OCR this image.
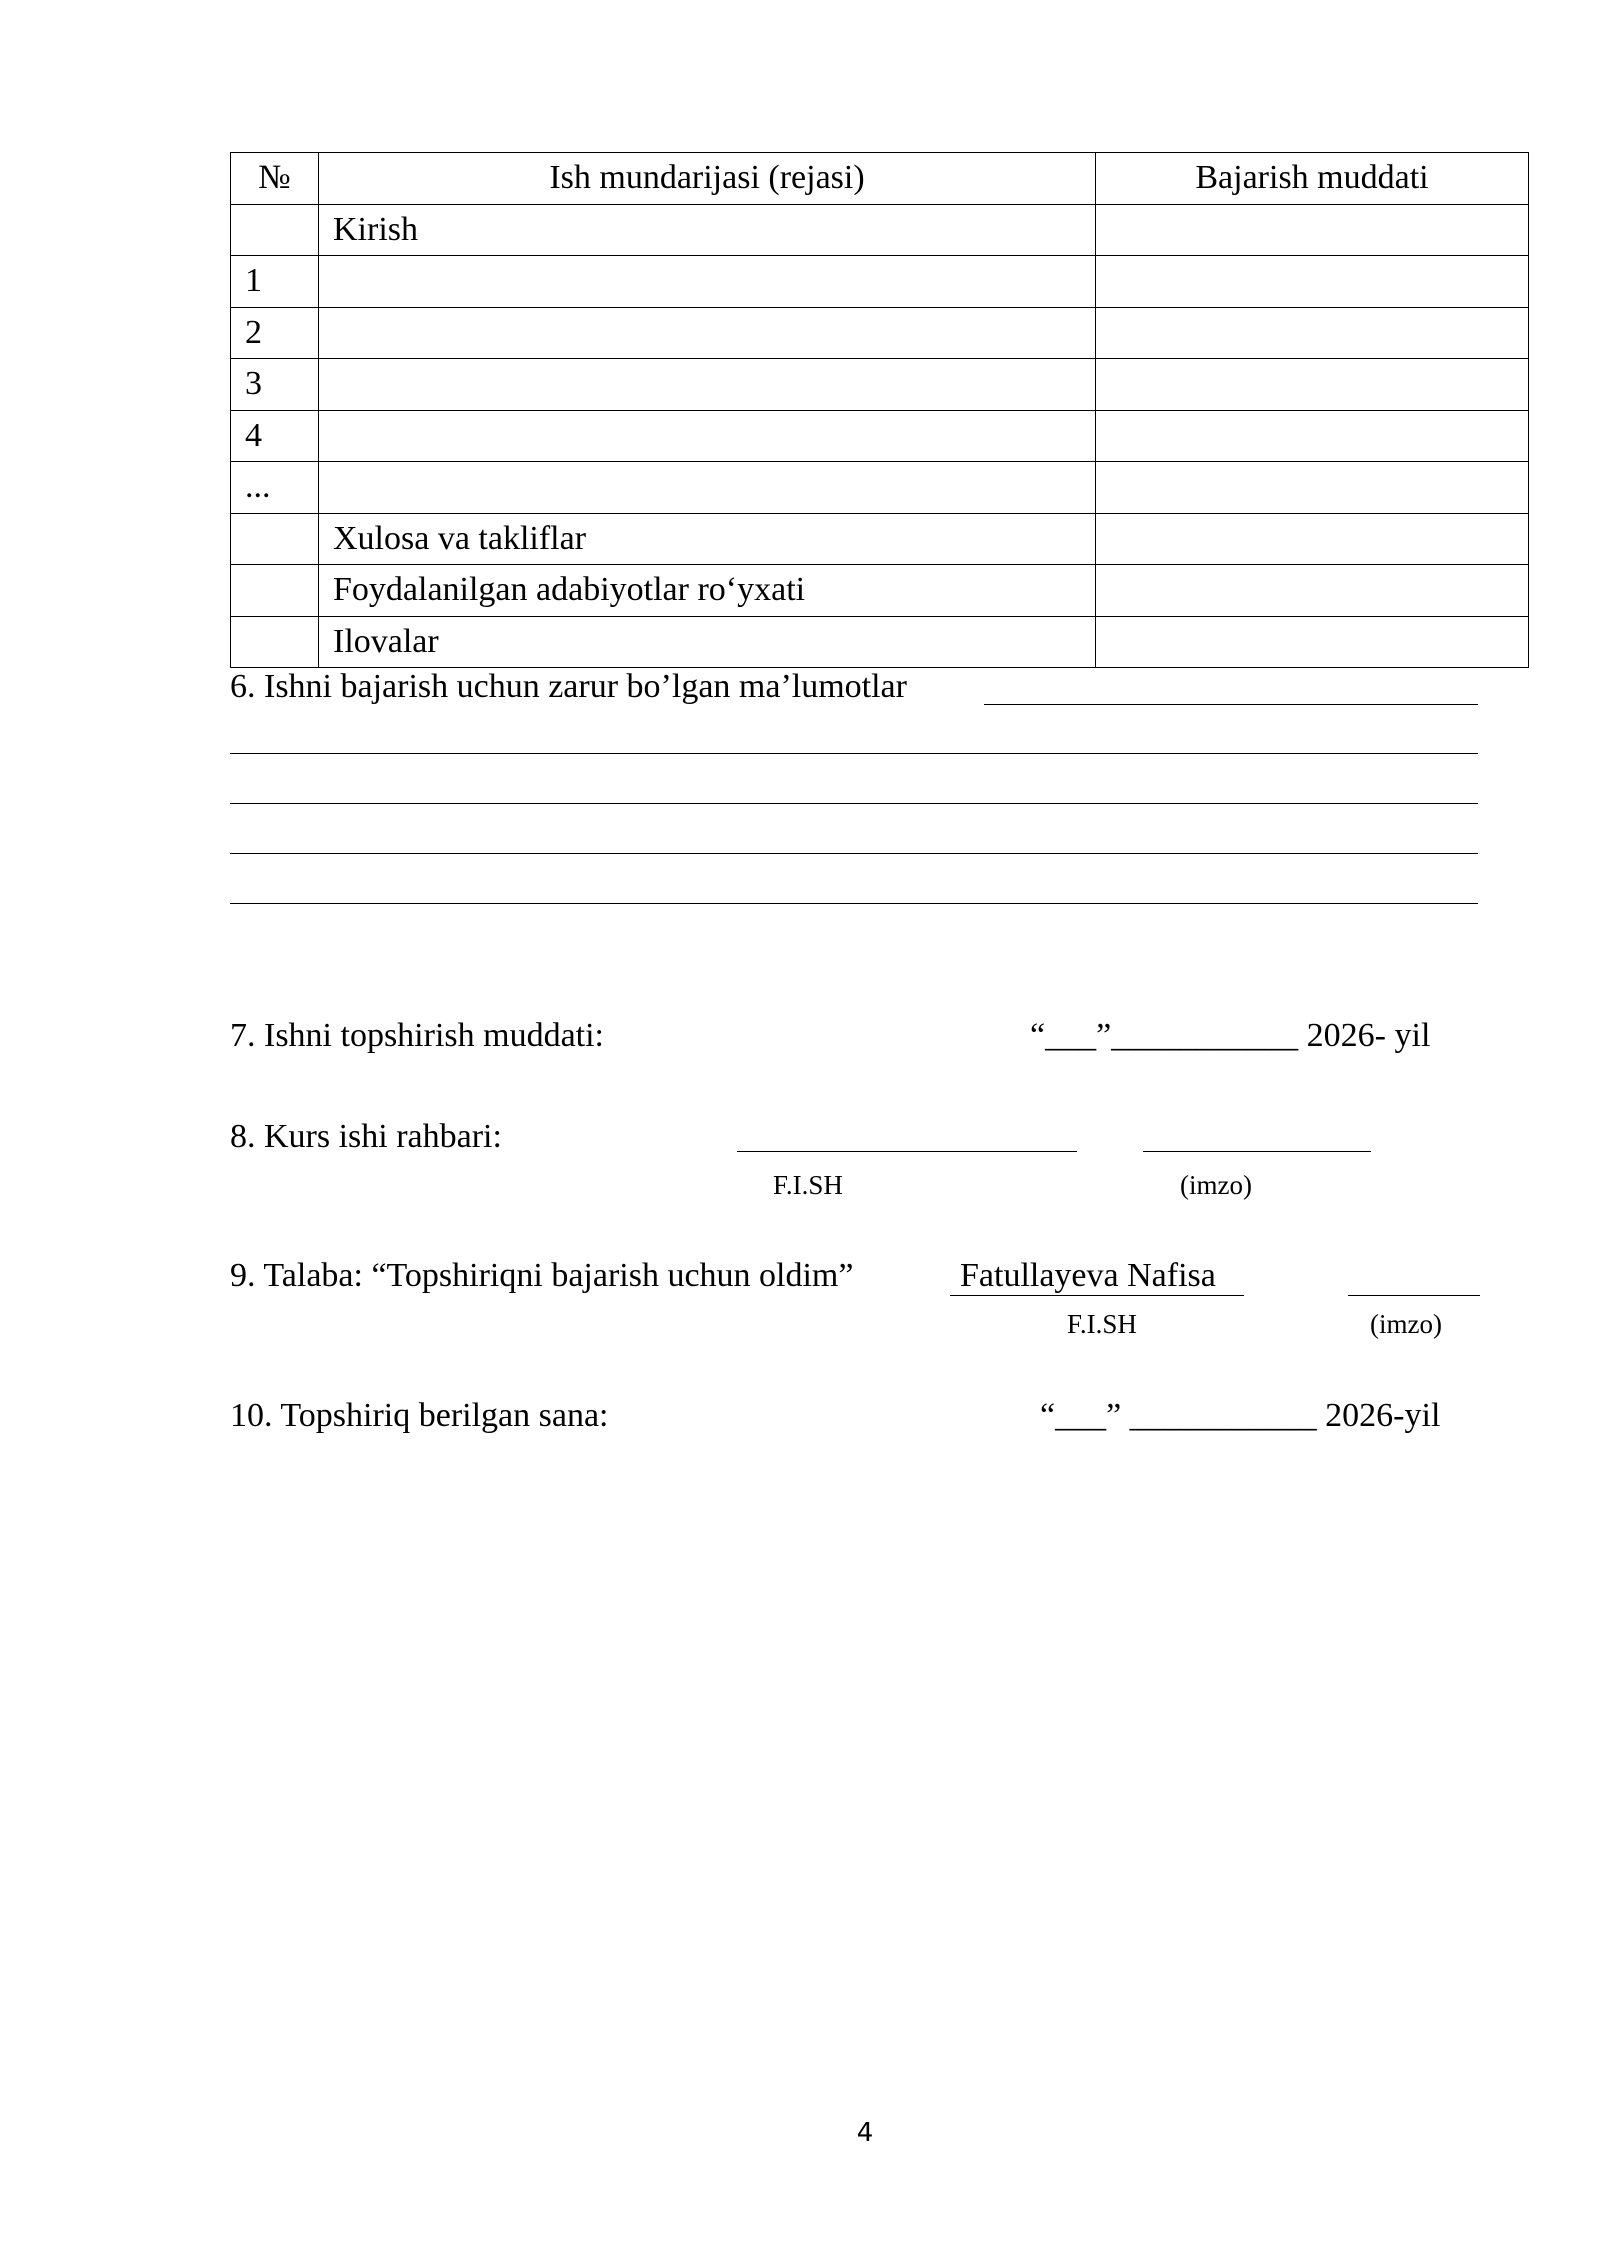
№	Ish mundarijasi (rejasi)	Bajarish muddati
	Kirish	
1		
2		
3		
4		
...		
	Xulosa va takliflar	
	Foydalanilgan adabiyotlar ro‘yxati	
	Ilovalar	
6. Ishni bajarish uchun zarur bo’lgan ma’lumotlar
7. Ishni topshirish muddati:	“___”___________ 2026- yil
8. Kurs ishi rahbari:
F.I.SH	(imzo)
9. Talaba: “Topshiriqni bajarish uchun oldim”	Fatullayeva Nafisa
F.I.SH	(imzo)
10. Topshiriq berilgan sana:	“___” ___________ 2026-yil
4
